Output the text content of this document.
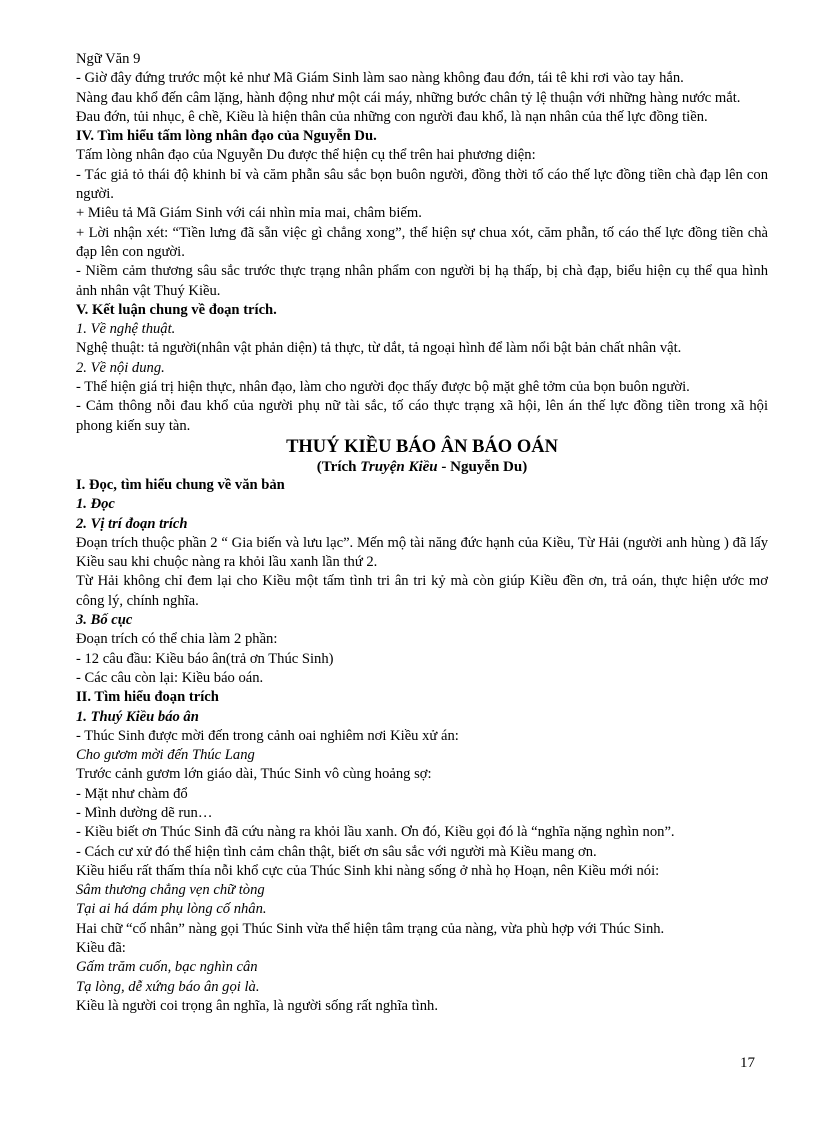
Ngữ Văn 9

- Giờ đây đứng trước một kẻ như Mã Giám Sinh làm sao nàng không đau đớn, tái tê khi rơi vào tay hắn.

Nàng đau khổ đến câm lặng, hành động như một cái máy, những bước chân tỷ lệ thuận với những hàng nước mắt.

Đau đớn, tủi nhục, ê chề, Kiều là hiện thân của những con người đau khổ, là nạn nhân của thế lực đồng tiền.

IV. Tìm hiểu tấm lòng nhân đạo của Nguyễn Du.

Tấm lòng nhân đạo của Nguyễn Du được thể hiện cụ thể trên hai phương diện:

- Tác giả tỏ thái độ khinh bỉ và căm phẫn sâu sắc bọn buôn người, đồng thời tố cáo thế lực đồng tiền chà đạp lên con người.

+ Miêu tả Mã Giám Sinh với cái nhìn mỉa mai, châm biếm.

+ Lời nhận xét: “Tiền lưng đã sẵn việc gì chẳng xong”, thể hiện sự chua xót, căm phẫn, tố cáo thế lực đồng tiền chà đạp lên con người.

- Niềm cảm thương sâu sắc trước thực trạng nhân phẩm con người bị hạ thấp, bị chà đạp, biểu hiện cụ thể qua hình ảnh nhân vật Thuý Kiều.

V. Kết luận chung về đoạn trích.

1. Về nghệ thuật.

Nghệ thuật: tả người(nhân vật phản diện) tả thực, từ dắt, tả ngoại hình để làm nổi bật bản chất nhân vật.

2. Về nội dung.

- Thể hiện giá trị hiện thực, nhân đạo, làm cho người đọc thấy được bộ mặt ghê tởm của bọn buôn người.

- Cảm thông nỗi đau khổ của người phụ nữ tài sắc, tố cáo thực trạng xã hội, lên án thế lực đồng tiền trong xã hội phong kiến suy tàn.

THUÝ KIỀU BÁO ÂN BÁO OÁN

(Trích Truyện Kiều - Nguyễn Du)

I. Đọc, tìm hiểu chung về văn bản

1. Đọc

2. Vị trí đoạn trích

Đoạn trích thuộc phần 2 “ Gia biến và lưu lạc”. Mến mộ tài năng đức hạnh của Kiều, Từ Hải (người anh hùng ) đã lấy Kiều sau khi chuộc nàng ra khỏi lầu xanh lần thứ 2.

Từ Hải không chỉ đem lại cho Kiều một tấm tình tri ân tri kỷ mà còn giúp Kiều đền ơn, trả oán, thực hiện ước mơ công lý, chính nghĩa.

3. Bố cục

Đoạn trích có thể chia làm 2 phần:

- 12 câu đầu: Kiều báo ân(trả ơn Thúc Sinh)

- Các câu còn lại: Kiều báo oán.

II. Tìm hiểu đoạn trích

1. Thuý Kiều báo ân

- Thúc Sinh được mời đến trong cảnh oai nghiêm nơi Kiều xử án:

Cho gươm mời đến Thúc Lang

Trước cảnh gươm lớn giáo dài, Thúc Sinh vô cùng hoảng sợ:

- Mặt như chàm đổ

- Mình dường dẽ run…

- Kiều biết ơn Thúc Sinh đã cứu nàng ra khỏi lầu xanh. Ơn đó, Kiều gọi đó là “nghĩa nặng nghìn non”.

- Cách cư xử đó thể hiện tình cảm chân thật, biết ơn sâu sắc với người mà Kiều mang ơn.

Kiều hiểu rất thấm thía nỗi khổ cực của Thúc Sinh khi nàng sống ở nhà họ Hoạn, nên Kiều mới nói:

Sâm thương chẳng vẹn chữ tòng

Tại ai há dám phụ lòng cố nhân.

Hai chữ “cố nhân” nàng gọi Thúc Sinh vừa thể hiện tâm trạng của nàng, vừa phù hợp với Thúc Sinh.

Kiều đã:

Gấm trăm cuốn, bạc nghìn cân

Tạ lòng, dễ xứng báo ân gọi là.

Kiều là người coi trọng ân nghĩa, là người sống rất nghĩa tình.

17
